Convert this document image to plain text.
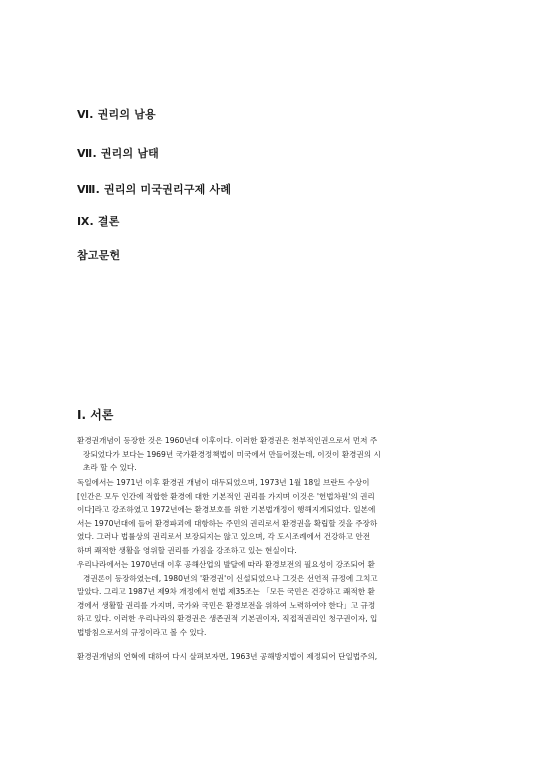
Ⅵ. 권리의 남용
Ⅶ. 권리의 남태
Ⅷ. 권리의 미국권리구제 사례
Ⅸ. 결론
참고문헌
Ⅰ. 서론
환경권개념이 등장한 것은 1960년대 이후이다. 이러한 환경권은 천부적인권으로서 먼저 주
장되었다가 보다는 1969년 국가환경정책법이 미국에서 만들어졌는데, 이것이 환경권의 시
초라 할 수 있다.
독일에서는 1971년 이후 환경권 개념이 대두되었으며, 1973년 1월 18일 브란트 수상이
[인간은 모두 인간에 적합한 환경에 대한 기본적인 권리를 가지며 이것은 '헌법차원'의 권리
이다]라고 강조하였고 1972년에는 환경보호를 위한 기본법개정이 행해지게되었다. 일본에
서는 1970년대에 들어 환경파괴에 대항하는 주민의 권리로서 환경권을 확립할 것을 주장하
였다. 그러나 법률상의 권리로서 보장되지는 않고 있으며, 각 도시조례에서 건강하고 안전
하며 쾌적한 생활을 영위할 권리를 가짐을 강조하고 있는 현실이다.
우리나라에서는 1970년대 이후 공해산업의 발달에 따라 환경보전의 필요성이 강조되어 환
경권론이 등장하였는데, 1980년의 '환경권'이 신설되었으나 그것은 선언적 규정에 그치고
말았다. 그리고 1987년 제9차 개정에서 헌법 제35조는 「모든 국민은 건강하고 쾌적한 환
경에서 생활할 권리를 가지며, 국가와 국민은 환경보전을 위하여 노력하여야 한다」고 규정
하고 있다. 이러한 우리나라의 환경권은 생존권적 기본권이자, 직접적권리인 청구권이자, 입
법방침으로서의 규정이라고 볼 수 있다.
환경권개념의 연혁에 대하여 다시 살펴보자면, 1963년 공해방지법이 제정되어 단일법주의,
